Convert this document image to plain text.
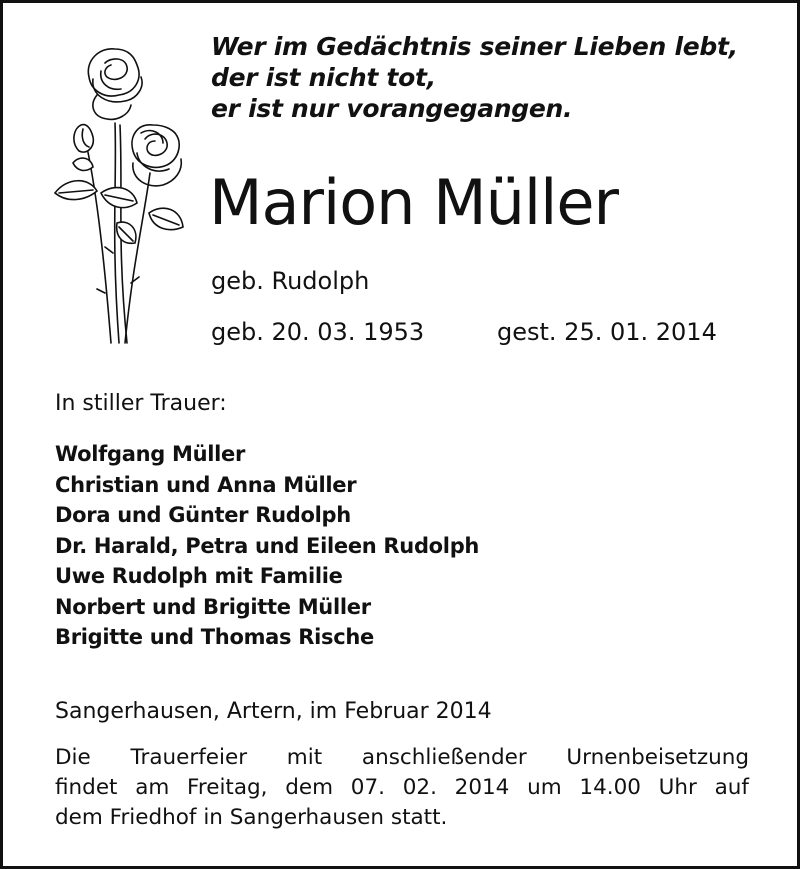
Wer im Gedächtnis seiner Lieben lebt,
der ist nicht tot,
er ist nur vorangegangen.
Marion Müller
geb. Rudolph
geb. 20. 03. 1953	gest. 25. 01. 2014
In stiller Trauer:
Wolfgang Müller
Christian und Anna Müller
Dora und Günter Rudolph
Dr. Harald, Petra und Eileen Rudolph
Uwe Rudolph mit Familie
Norbert und Brigitte Müller
Brigitte und Thomas Rische
Sangerhausen, Artern, im Februar 2014
Die Trauerfeier mit anschließender Urnenbeisetzung
findet am Freitag, dem 07. 02. 2014 um 14.00 Uhr auf
dem Friedhof in Sangerhausen statt.
